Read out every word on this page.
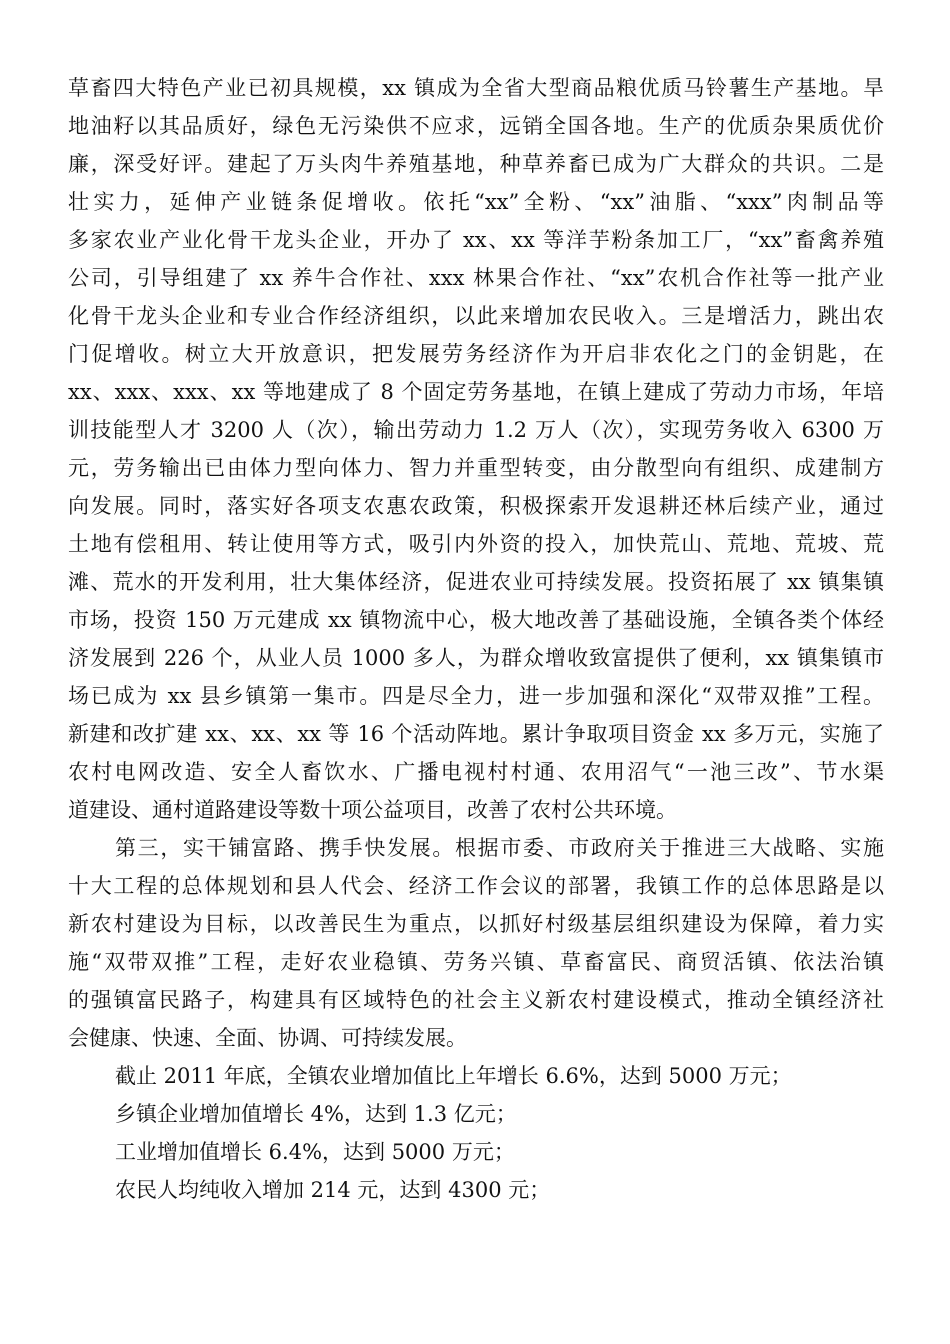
草畜四大特色产业已初具规模，xx 镇成为全省大型商品粮优质马铃薯生产基地。旱
地油籽以其品质好，绿色无污染供不应求，远销全国各地。生产的优质杂果质优价
廉，深受好评。建起了万头肉牛养殖基地，种草养畜已成为广大群众的共识。二是
壮实力，延伸产业链条促增收。依托“xx”全粉、“xx”油脂、“xxx”肉制品等
多家农业产业化骨干龙头企业，开办了 xx、xx 等洋芋粉条加工厂，“xx”畜禽养殖
公司，引导组建了 xx 养牛合作社、xxx 林果合作社、“xx”农机合作社等一批产业
化骨干龙头企业和专业合作经济组织，以此来增加农民收入。三是增活力，跳出农
门促增收。树立大开放意识，把发展劳务经济作为开启非农化之门的金钥匙，在
xx、xxx、xxx、xx 等地建成了 8 个固定劳务基地，在镇上建成了劳动力市场，年培
训技能型人才 3200 人（次），输出劳动力 1.2 万人（次），实现劳务收入 6300 万
元，劳务输出已由体力型向体力、智力并重型转变，由分散型向有组织、成建制方
向发展。同时，落实好各项支农惠农政策，积极探索开发退耕还林后续产业，通过
土地有偿租用、转让使用等方式，吸引内外资的投入，加快荒山、荒地、荒坡、荒
滩、荒水的开发利用，壮大集体经济，促进农业可持续发展。投资拓展了 xx 镇集镇
市场，投资 150 万元建成 xx 镇物流中心，极大地改善了基础设施，全镇各类个体经
济发展到 226 个，从业人员 1000 多人，为群众增收致富提供了便利，xx 镇集镇市
场已成为 xx 县乡镇第一集市。四是尽全力，进一步加强和深化“双带双推”工程。
新建和改扩建 xx、xx、xx 等 16 个活动阵地。累计争取项目资金 xx 多万元，实施了
农村电网改造、安全人畜饮水、广播电视村村通、农用沼气“一池三改”、节水渠
道建设、通村道路建设等数十项公益项目，改善了农村公共环境。
第三，实干铺富路、携手快发展。根据市委、市政府关于推进三大战略、实施
十大工程的总体规划和县人代会、经济工作会议的部署，我镇工作的总体思路是以
新农村建设为目标，以改善民生为重点，以抓好村级基层组织建设为保障，着力实
施“双带双推”工程，走好农业稳镇、劳务兴镇、草畜富民、商贸活镇、依法治镇
的强镇富民路子，构建具有区域特色的社会主义新农村建设模式，推动全镇经济社
会健康、快速、全面、协调、可持续发展。
截止 2011 年底，全镇农业增加值比上年增长 6.6%，达到 5000 万元；
乡镇企业增加值增长 4%，达到 1.3 亿元；
工业增加值增长 6.4%，达到 5000 万元；
农民人均纯收入增加 214 元，达到 4300 元；
